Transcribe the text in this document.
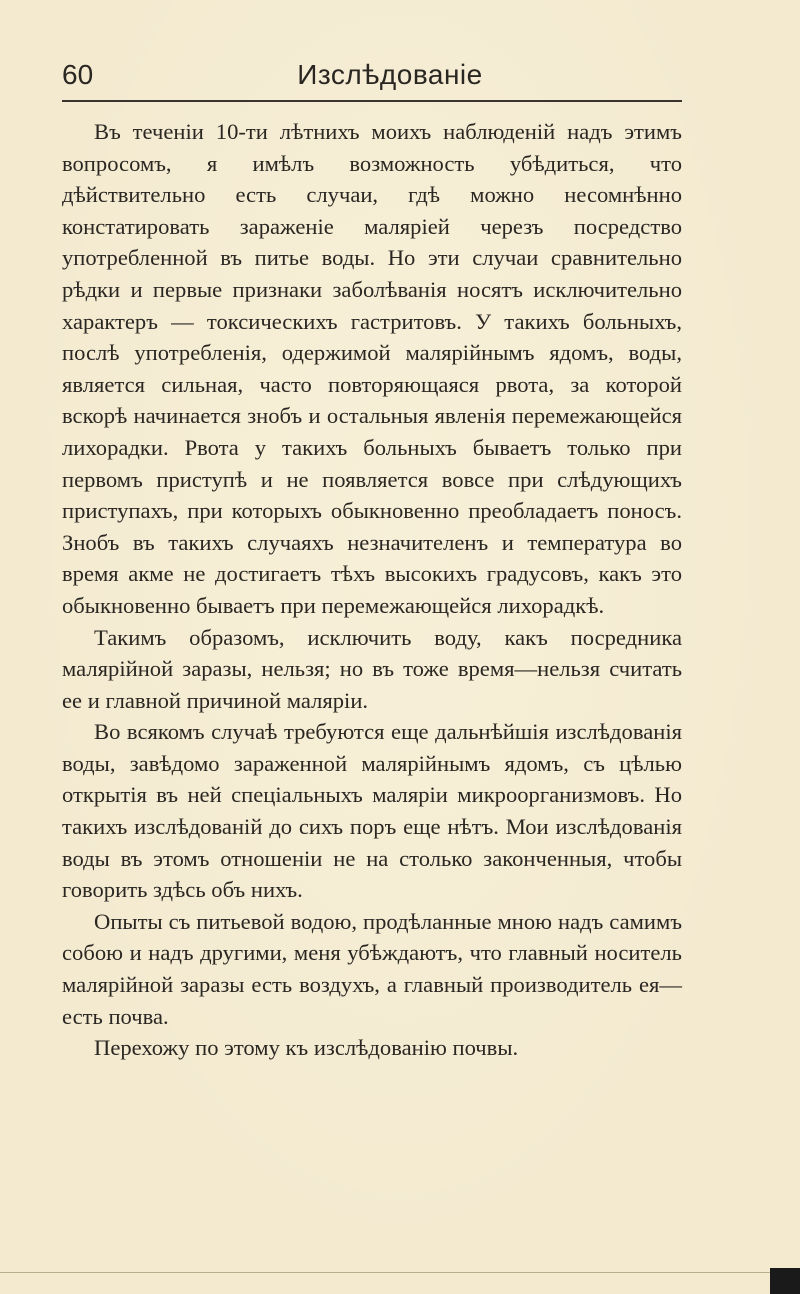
60	Изслѣдованіе

Въ теченіи 10-ти лѣтнихъ моихъ наблюденій надъ этимъ вопросомъ, я имѣлъ возможность убѣдиться, что дѣйствительно есть случаи, гдѣ можно несомнѣнно констатировать зараженіе маляріей черезъ посредство употребленной въ питье воды. Но эти случаи сравнительно рѣдки и первые признаки заболѣванія носятъ исключительно характеръ — токсическихъ гастритовъ. У такихъ больныхъ, послѣ употребленія, одержимой малярійнымъ ядомъ, воды, является сильная, часто повторяющаяся рвота, за которой вскорѣ начинается знобъ и остальныя явленія перемежающейся лихорадки. Рвота у такихъ больныхъ бываетъ только при первомъ приступѣ и не появляется вовсе при слѣдующихъ приступахъ, при которыхъ обыкновенно преобладаетъ поносъ. Знобъ въ такихъ случаяхъ незначителенъ и температура во время акме не достигаетъ тѣхъ высокихъ градусовъ, какъ это обыкновенно бываетъ при перемежающейся лихорадкѣ.

Такимъ образомъ, исключить воду, какъ посредника малярійной заразы, нельзя; но въ тоже время—нельзя считать ее и главной причиной маляріи.

Во всякомъ случаѣ требуются еще дальнѣйшія изслѣдованія воды, завѣдомо зараженной малярійнымъ ядомъ, съ цѣлью открытія въ ней спеціальныхъ маляріи микроорганизмовъ. Но такихъ изслѣдованій до сихъ поръ еще нѣтъ. Мои изслѣдованія воды въ этомъ отношеніи не на столько законченныя, чтобы говорить здѣсь объ нихъ.

Опыты съ питьевой водою, продѣланные мною надъ самимъ собою и надъ другими, меня убѣждаютъ, что главный носитель малярійной заразы есть воздухъ, а главный производитель ея—есть почва.

Перехожу по этому къ изслѣдованію почвы.
